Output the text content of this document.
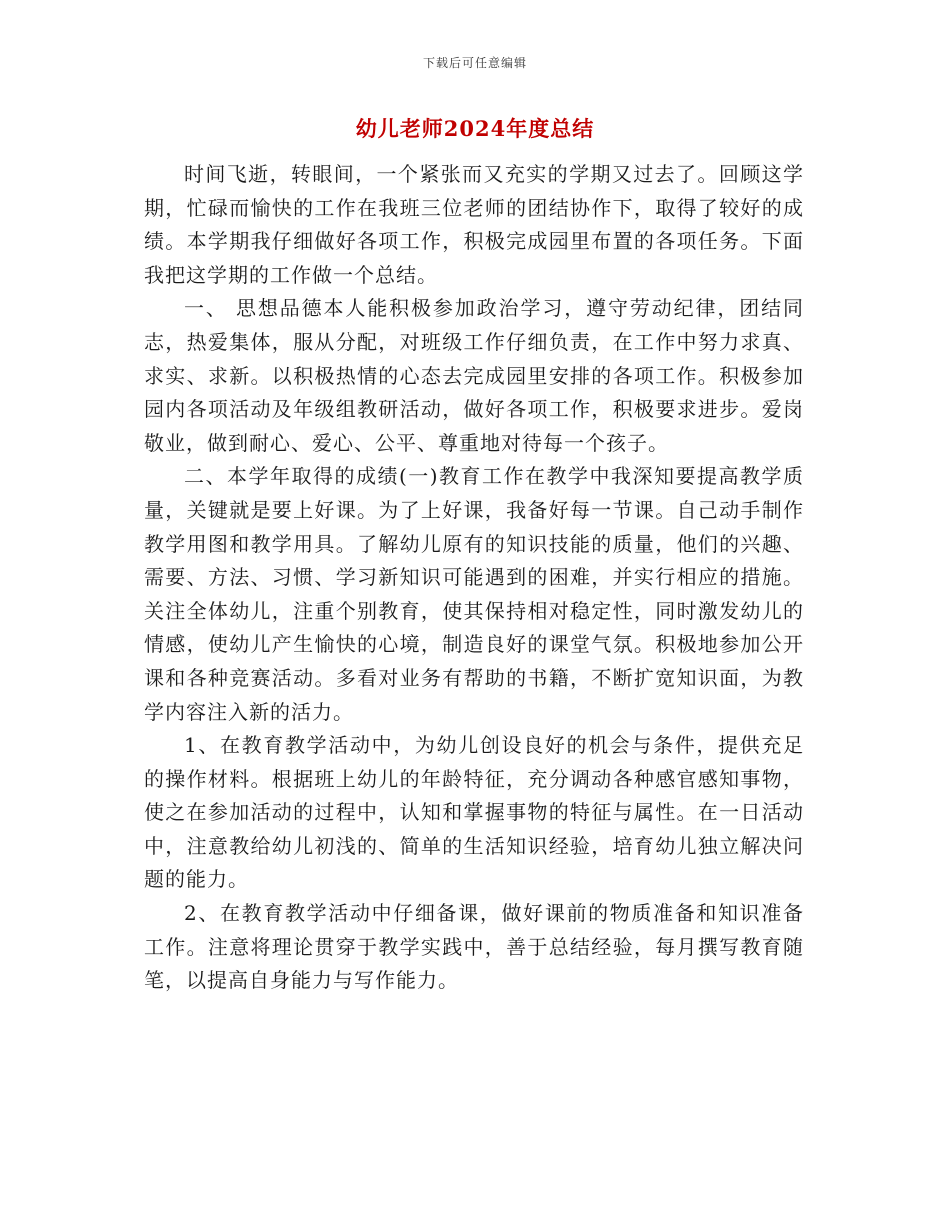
下载后可任意编辑
幼儿老师2024年度总结

时间飞逝，转眼间，一个紧张而又充实的学期又过去了。回顾这学期，忙碌而愉快的工作在我班三位老师的团结协作下，取得了较好的成绩。本学期我仔细做好各项工作，积极完成园里布置的各项任务。下面我把这学期的工作做一个总结。

一、 思想品德本人能积极参加政治学习，遵守劳动纪律，团结同志，热爱集体，服从分配，对班级工作仔细负责，在工作中努力求真、求实、求新。以积极热情的心态去完成园里安排的各项工作。积极参加园内各项活动及年级组教研活动，做好各项工作，积极要求进步。爱岗敬业，做到耐心、爱心、公平、尊重地对待每一个孩子。

二、本学年取得的成绩(一)教育工作在教学中我深知要提高教学质量，关键就是要上好课。为了上好课，我备好每一节课。自己动手制作教学用图和教学用具。了解幼儿原有的知识技能的质量，他们的兴趣、需要、方法、习惯、学习新知识可能遇到的困难，并实行相应的措施。关注全体幼儿，注重个别教育，使其保持相对稳定性，同时激发幼儿的情感，使幼儿产生愉快的心境，制造良好的课堂气氛。积极地参加公开课和各种竞赛活动。多看对业务有帮助的书籍，不断扩宽知识面，为教学内容注入新的活力。

1、在教育教学活动中，为幼儿创设良好的机会与条件，提供充足的操作材料。根据班上幼儿的年龄特征，充分调动各种感官感知事物，使之在参加活动的过程中，认知和掌握事物的特征与属性。在一日活动中，注意教给幼儿初浅的、简单的生活知识经验，培育幼儿独立解决问题的能力。

2、在教育教学活动中仔细备课，做好课前的物质准备和知识准备工作。注意将理论贯穿于教学实践中，善于总结经验，每月撰写教育随笔，以提高自身能力与写作能力。
